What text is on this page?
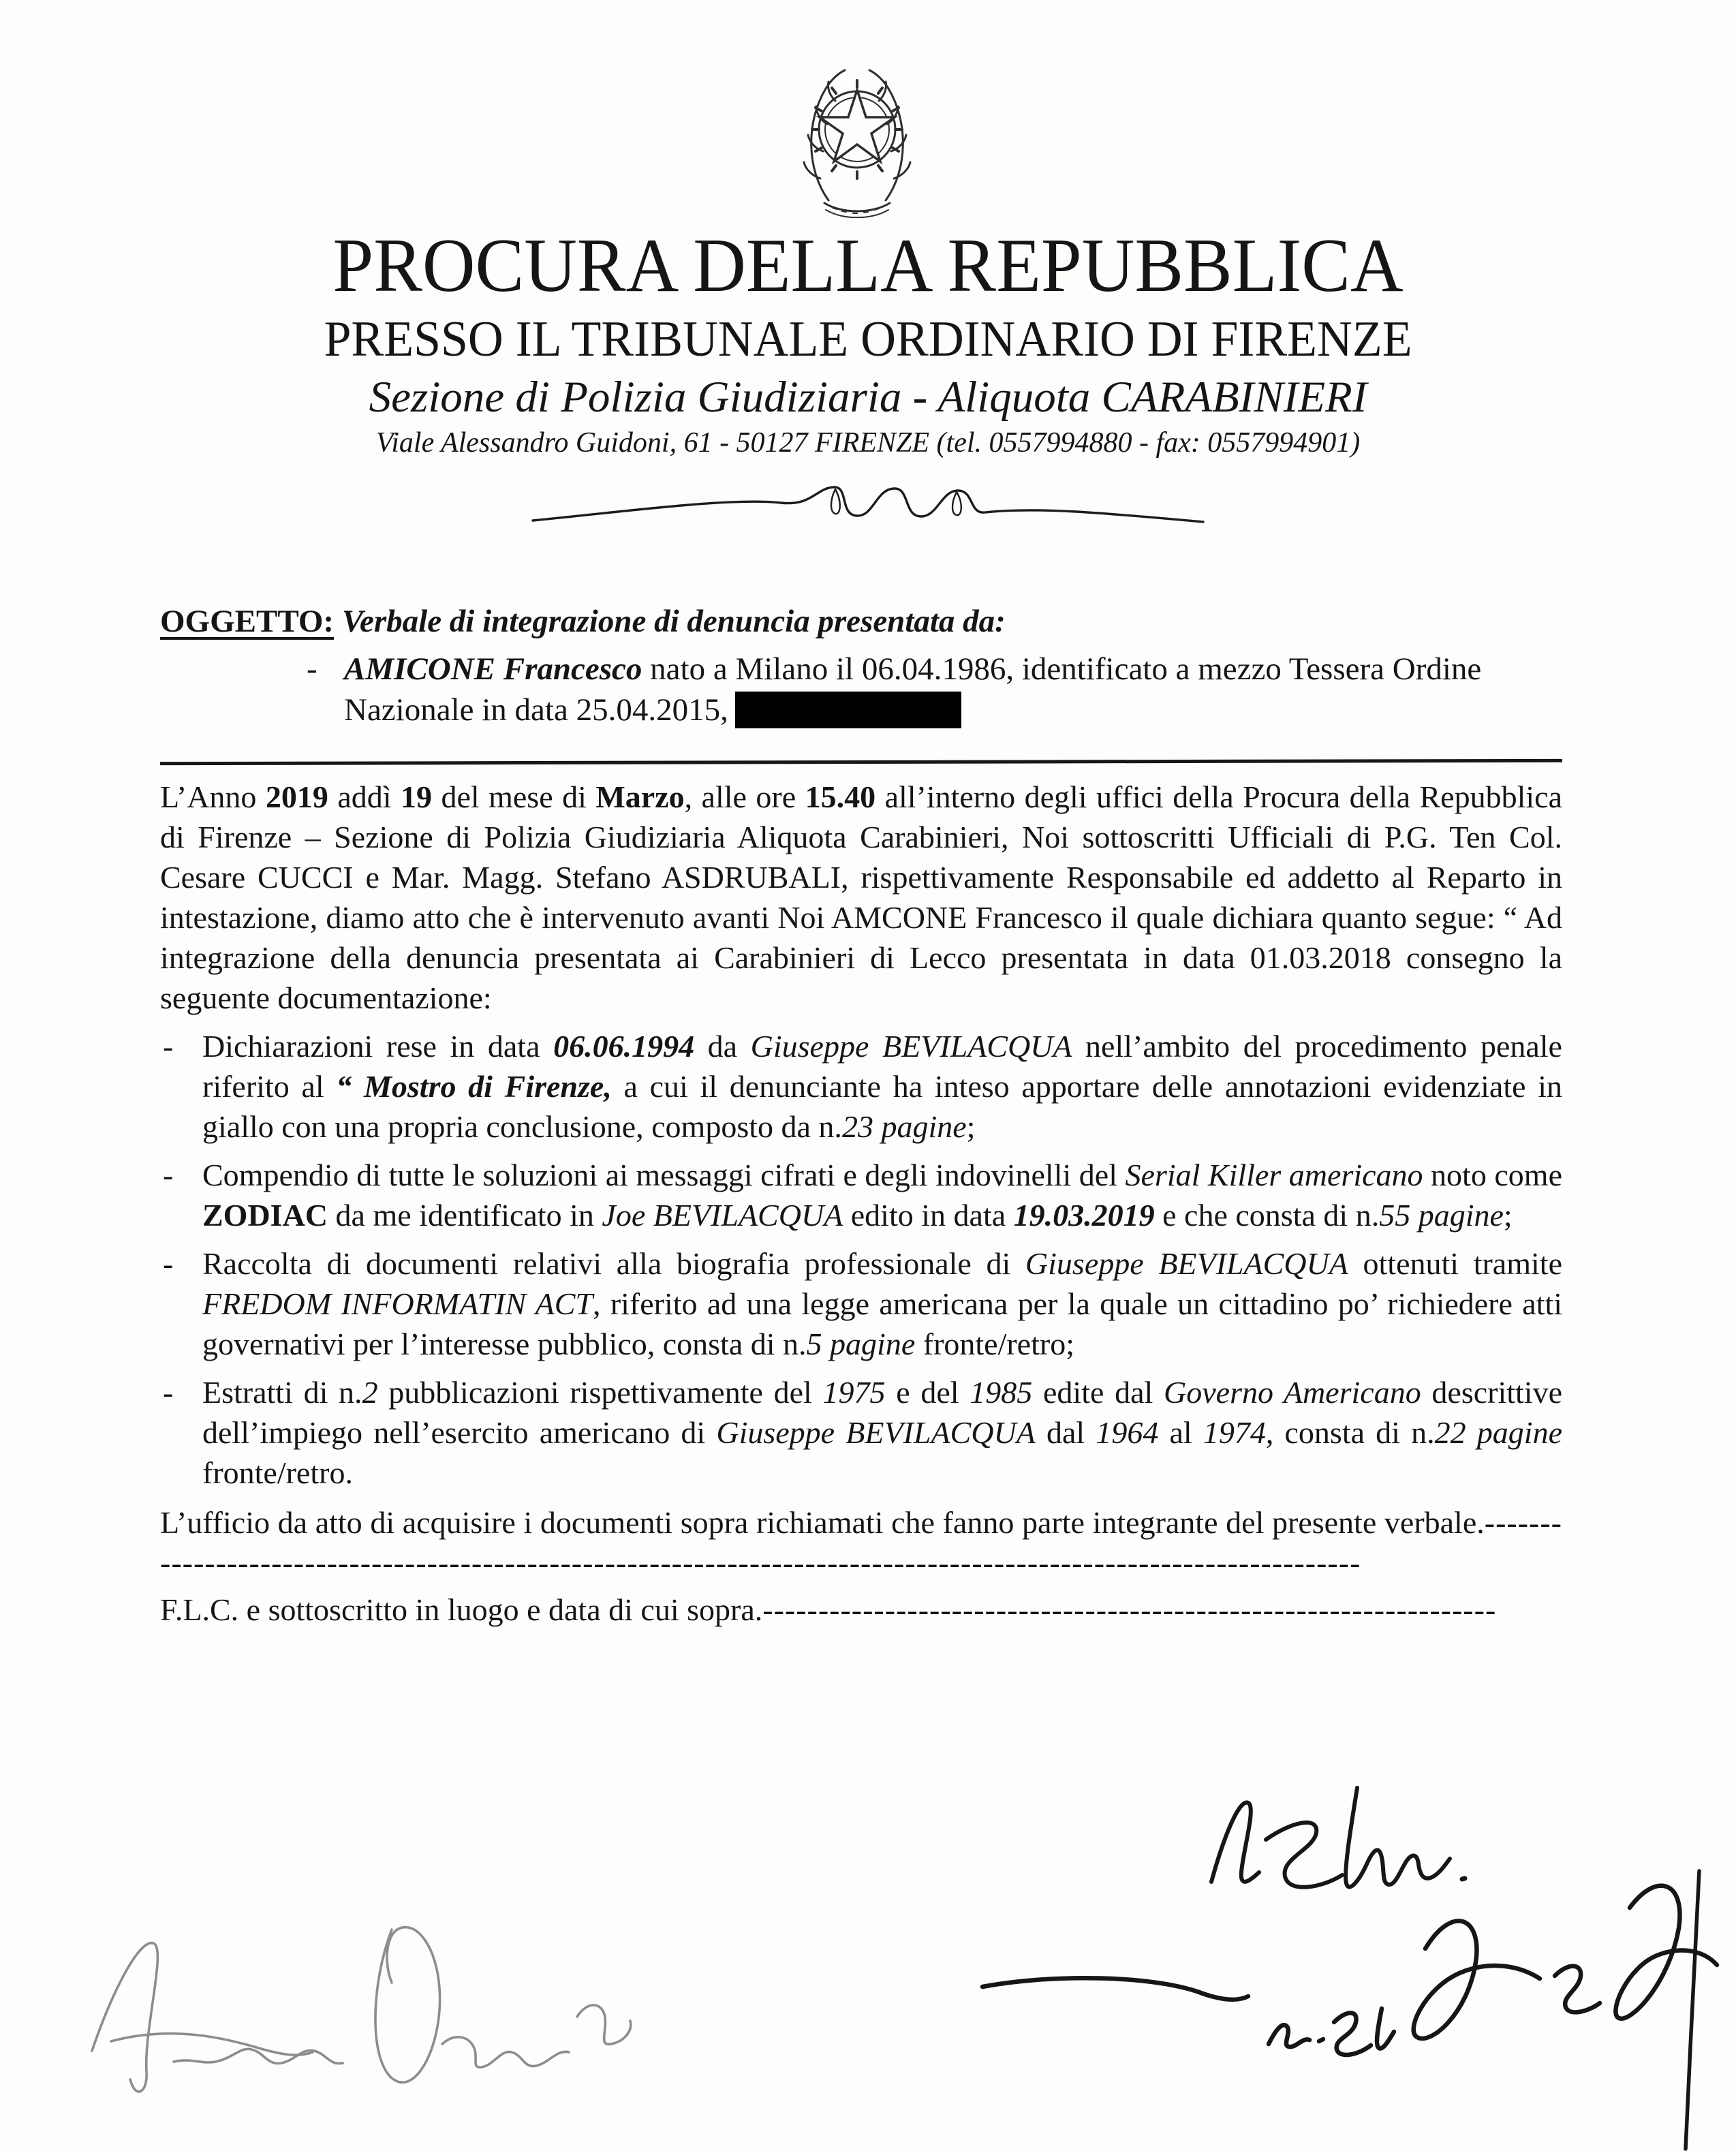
PROCURA DELLA REPUBBLICA
PRESSO IL TRIBUNALE ORDINARIO DI FIRENZE
Sezione di Polizia Giudiziaria - Aliquota CARABINIERI
Viale Alessandro Guidoni, 61 - 50127 FIRENZE (tel. 0557994880 - fax: 0557994901)
OGGETTO: Verbale di integrazione di denuncia presentata da:
- AMICONE Francesco nato a Milano il 06.04.1986, identificato a mezzo Tessera Ordine Nazionale in data 25.04.2015,

L’Anno 2019 addì 19 del mese di Marzo, alle ore 15.40 all’interno degli uffici della Procura della Repubblica di Firenze – Sezione di Polizia Giudiziaria Aliquota Carabinieri, Noi sottoscritti Ufficiali di P.G. Ten Col. Cesare CUCCI e Mar. Magg. Stefano ASDRUBALI, rispettivamente Responsabile ed addetto al Reparto in intestazione, diamo atto che è intervenuto avanti Noi AMCONE Francesco il quale dichiara quanto segue: “ Ad integrazione della denuncia presentata ai Carabinieri di Lecco presentata in data 01.03.2018 consegno la seguente documentazione:

- Dichiarazioni rese in data 06.06.1994 da Giuseppe BEVILACQUA nell’ambito del procedimento penale riferito al “ Mostro di Firenze, a cui il denunciante ha inteso apportare delle annotazioni evidenziate in giallo con una propria conclusione, composto da n.23 pagine;
- Compendio di tutte le soluzioni ai messaggi cifrati e degli indovinelli del Serial Killer americano noto come ZODIAC da me identificato in Joe BEVILACQUA edito in data 19.03.2019 e che consta di n.55 pagine;
- Raccolta di documenti relativi alla biografia professionale di Giuseppe BEVILACQUA ottenuti tramite FREDOM INFORMATIN ACT, riferito ad una legge americana per la quale un cittadino po’ richiedere atti governativi per l’interesse pubblico, consta di n.5 pagine fronte/retro;
- Estratti di n.2 pubblicazioni rispettivamente del 1975 e del 1985 edite dal Governo Americano descrittive dell’impiego nell’esercito americano di Giuseppe BEVILACQUA dal 1964 al 1974, consta di n.22 pagine fronte/retro.

L’ufficio da atto di acquisire i documenti sopra richiamati che fanno parte integrante del presente verbale.-------------------------------------------------------------------------------------------------------------------

F.L.C. e sottoscritto in luogo e data di cui sopra.------------------------------------------------------------------
